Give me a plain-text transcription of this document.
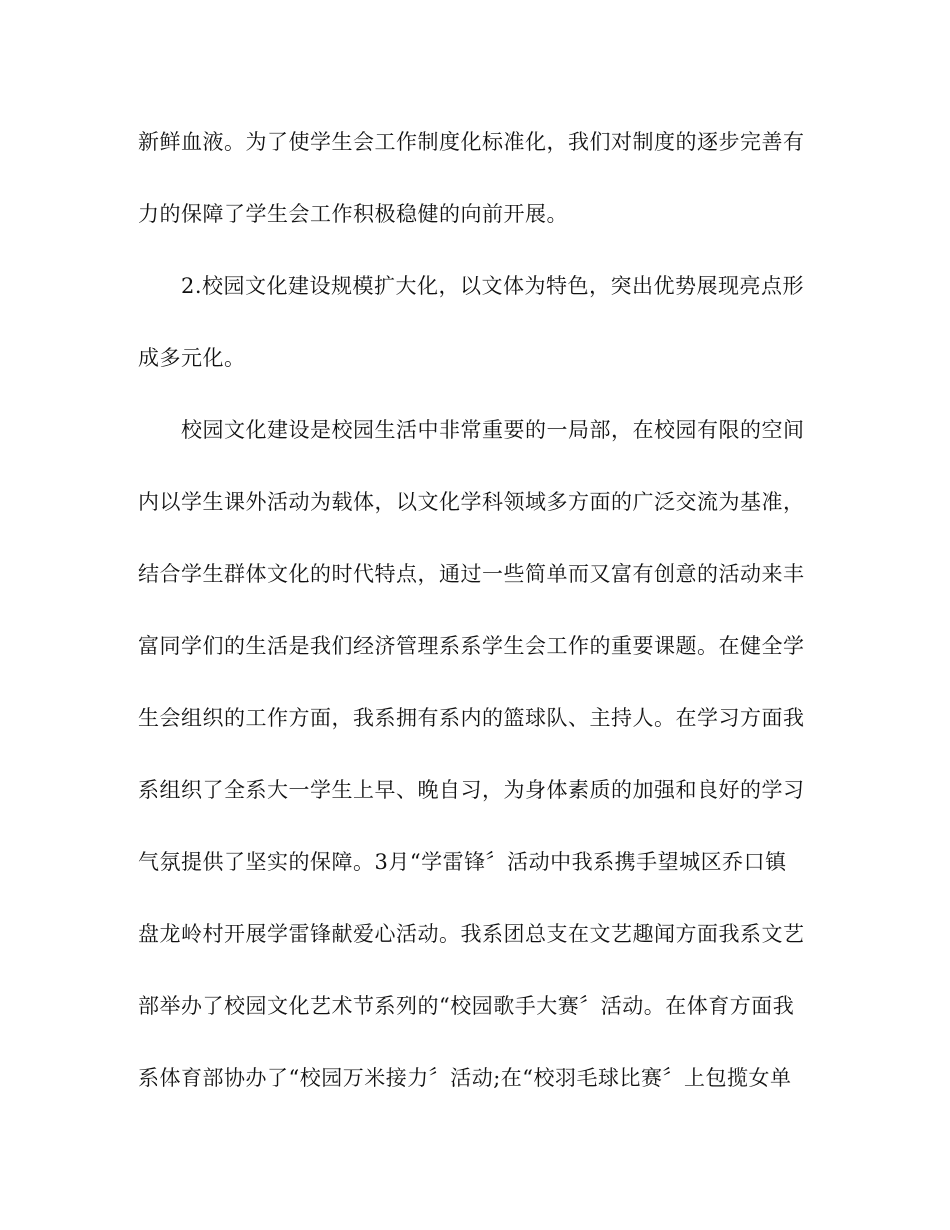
新鲜血液。为了使学生会工作制度化标准化，我们对制度的逐步完善有
力的保障了学生会工作积极稳健的向前开展。
2.校园文化建设规模扩大化，以文体为特色，突出优势展现亮点形
成多元化。
校园文化建设是校园生活中非常重要的一局部，在校园有限的空间
内以学生课外活动为载体，以文化学科领域多方面的广泛交流为基准，
结合学生群体文化的时代特点，通过一些简单而又富有创意的活动来丰
富同学们的生活是我们经济管理系系学生会工作的重要课题。在健全学
生会组织的工作方面，我系拥有系内的篮球队、主持人。在学习方面我
系组织了全系大一学生上早、晚自习，为身体素质的加强和良好的学习
气氛提供了坚实的保障。3月“学雷锋〞活动中我系携手望城区乔口镇
盘龙岭村开展学雷锋献爱心活动。我系团总支在文艺趣闻方面我系文艺
部举办了校园文化艺术节系列的“校园歌手大赛〞活动。在体育方面我
系体育部协办了“校园万米接力〞活动;在“校羽毛球比赛〞上包揽女单
